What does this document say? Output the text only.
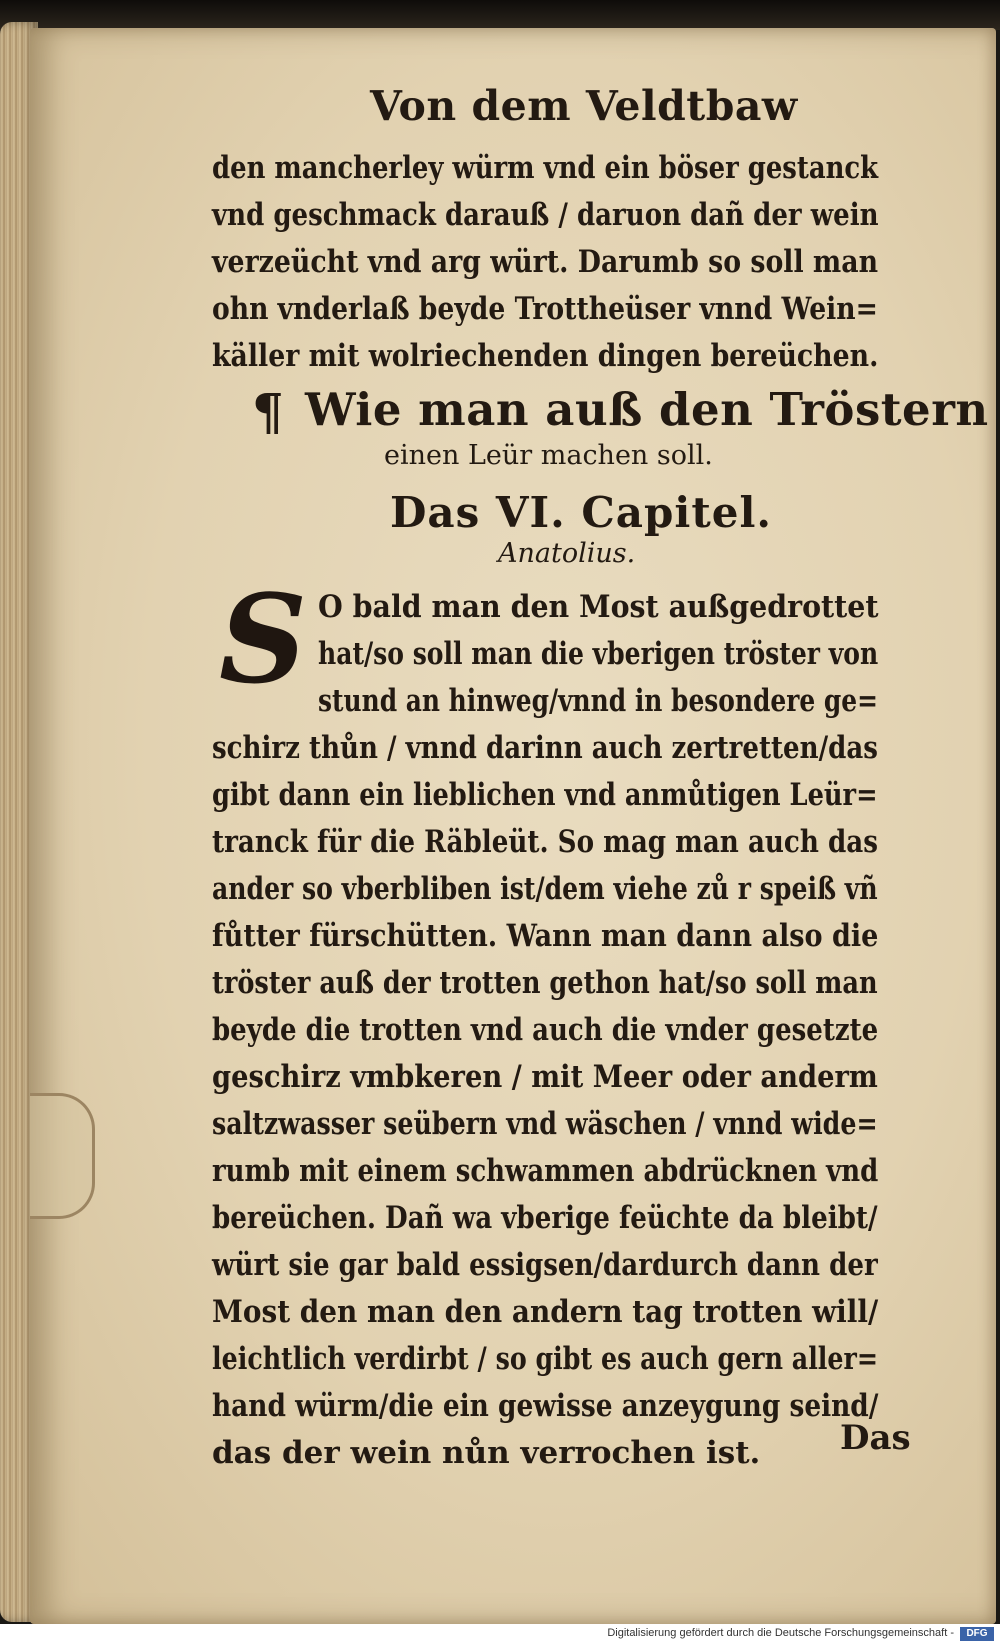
Von dem Veldtbaw
den mancherley würm vnd ein böser gestanck
vnd geschmack darauß / daruon dañ der wein
verzeücht vnd arg würt. Darumb so soll man
ohn vnderlaß beyde Trottheüser vnnd Wein=
käller mit wolriechenden dingen bereüchen.
¶ Wie man auß den Tröstern
einen Leür machen soll.
Das VI. Capitel.
Anatolius.
S O bald man den Most außgedrottet
hat/so soll man die vberigen tröster von
stund an hinweg/vnnd in besondere ge=
schirz thůn / vnnd darinn auch zertretten/das
gibt dann ein lieblichen vnd anmůtigen Leür=
tranck für die Räbleüt. So mag man auch das
ander so vberbliben ist/dem viehe zů r speiß vñ
fůtter fürschütten. Wann man dann also die
tröster auß der trotten gethon hat/so soll man
beyde die trotten vnd auch die vnder gesetzte
geschirz vmbkeren / mit Meer oder anderm
saltzwasser seübern vnd wäschen / vnnd wide=
rumb mit einem schwammen abdrücknen vnd
bereüchen. Dañ wa vberige feüchte da bleibt/
würt sie gar bald essigsen/dardurch dann der
Most den man den andern tag trotten will/
leichtlich verdirbt / so gibt es auch gern aller=
hand würm/die ein gewisse anzeygung seind/
das der wein nůn verrochen ist. Das
Digitalisierung gefördert durch die Deutsche Forschungsgemeinschaft -	DFG
